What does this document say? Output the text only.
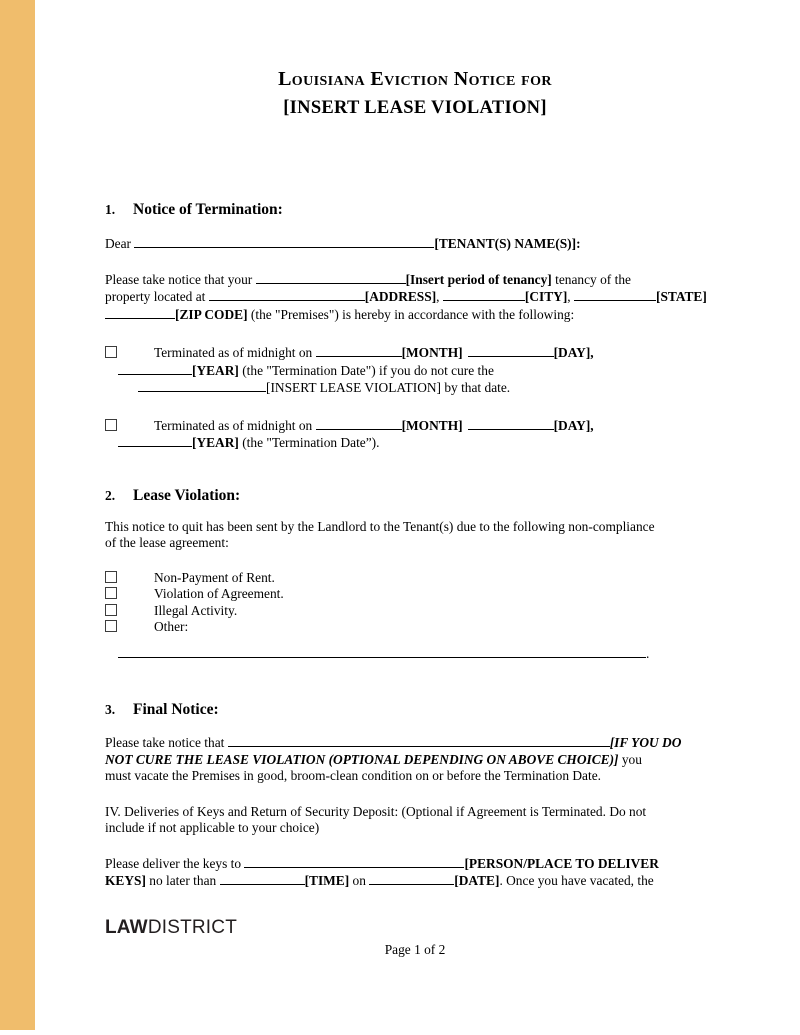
Louisiana Eviction Notice for
[INSERT LEASE VIOLATION]
1. Notice of Termination:
Dear	[TENANT(S) NAME(S)]:
Please take notice that your	[Insert period of tenancy] tenancy of the
property located at	[ADDRESS],	[CITY],	[STATE]
[ZIP CODE] (the "Premises") is hereby in accordance with the following:
Terminated as of midnight on	[MONTH]	[DAY],
[YEAR] (the "Termination Date") if you do not cure the
[INSERT LEASE VIOLATION] by that date.
Terminated as of midnight on	[MONTH]	[DAY],
[YEAR] (the "Termination Date”).
2. Lease Violation:
This notice to quit has been sent by the Landlord to the Tenant(s) due to the following non-compliance
of the lease agreement:
Non-Payment of Rent.
Violation of Agreement.
Illegal Activity.
Other:
.
3. Final Notice:
Please take notice that	[IF YOU DO
NOT CURE THE LEASE VIOLATION (OPTIONAL DEPENDING ON ABOVE CHOICE)] you
must vacate the Premises in good, broom-clean condition on or before the Termination Date.
IV. Deliveries of Keys and Return of Security Deposit: (Optional if Agreement is Terminated. Do not
include if not applicable to your choice)
Please deliver the keys to	[PERSON/PLACE TO DELIVER
KEYS] no later than	[TIME] on	[DATE]. Once you have vacated, the
LAWDISTRICT
Page 1 of 2
